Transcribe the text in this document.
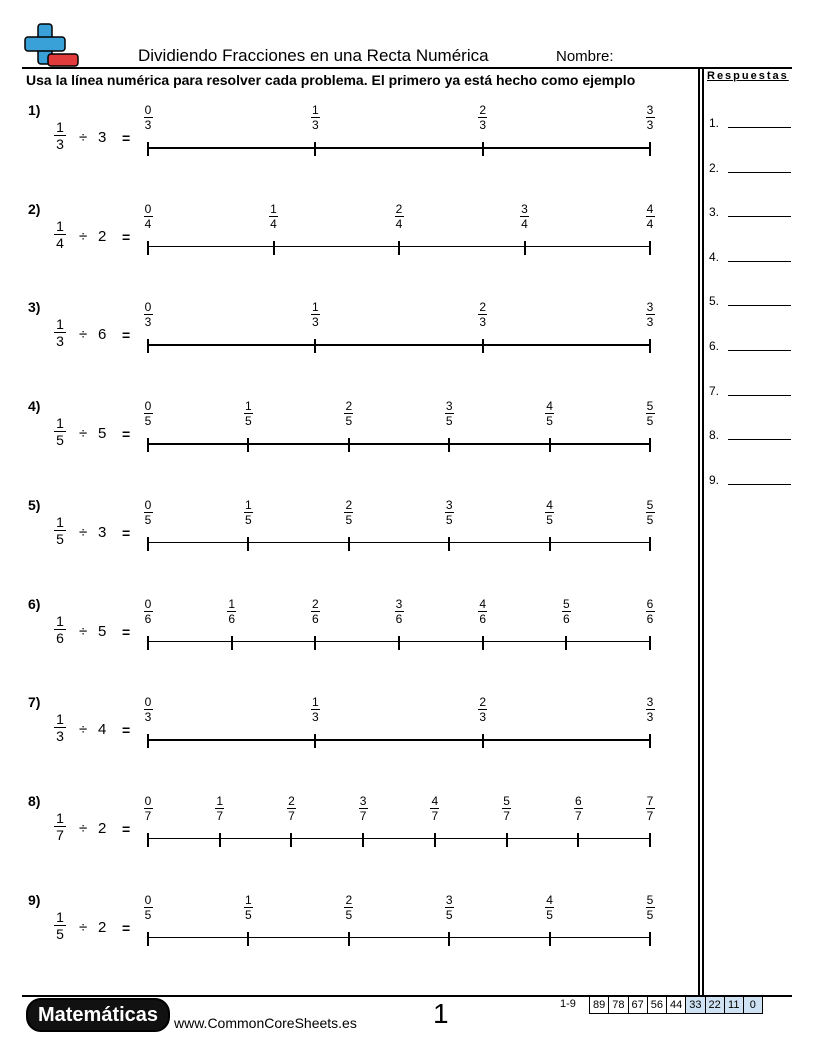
Dividiendo Fracciones en una Recta Numérica	Nombre:
Usa la línea numérica para resolver cada problema. El primero ya está hecho como ejemplo	Respuestas
1.
2.
3.
4.
5.
6.
7.
8.
9.
1)
1
3 ÷ 3 =
0
3
1
3
2
3
3
3
2)
1
4 ÷ 2 =
0
4
1
4
2
4
3
4
4
4
3)
1
3 ÷ 6 =
0
3
1
3
2
3
3
3
4)
1
5 ÷ 5 =
0
5
1
5
2
5
3
5
4
5
5
5
5)
1
5 ÷ 3 =
0
5
1
5
2
5
3
5
4
5
5
5
6)
1
6 ÷ 5 =
0
6
1
6
2
6
3
6
4
6
5
6
6
6
7)
1
3 ÷ 4 =
0
3
1
3
2
3
3
3
8)
1
7 ÷ 2 =
0
7
1
7
2
7
3
7
4
7
5
7
6
7
7
7
9)
1
5 ÷ 2 =
0
5
1
5
2
5
3
5
4
5
5
5
Matemáticas	www.CommonCoreSheets.es	1	1-9	89 78 67 56 44 33 22 11 0
